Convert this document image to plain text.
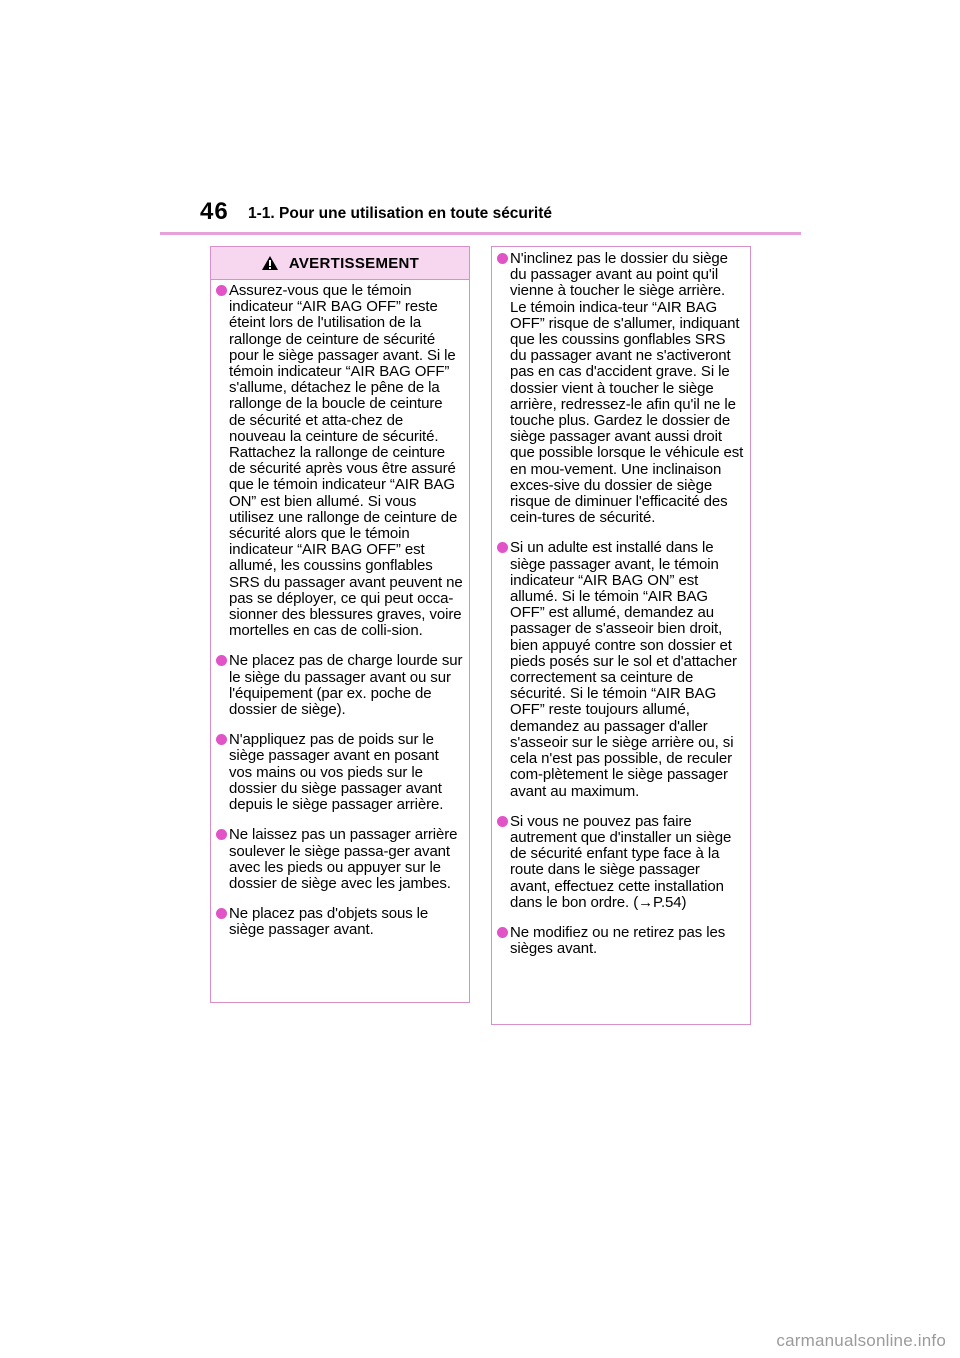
46 1-1. Pour une utilisation en toute sécurité
AVERTISSEMENT
Assurez-vous que le témoin indicateur “AIR BAG OFF” reste éteint lors de l'utilisation de la rallonge de ceinture de sécurité pour le siège passager avant. Si le témoin indicateur “AIR BAG OFF” s'allume, détachez le pêne de la rallonge de la boucle de ceinture de sécurité et atta-chez de nouveau la ceinture de sécurité. Rattachez la rallonge de ceinture de sécurité après vous être assuré que le témoin indicateur “AIR BAG ON” est bien allumé. Si vous utilisez une rallonge de ceinture de sécurité alors que le témoin indicateur “AIR BAG OFF” est allumé, les coussins gonflables SRS du passager avant peuvent ne pas se déployer, ce qui peut occa-sionner des blessures graves, voire mortelles en cas de colli-sion.
Ne placez pas de charge lourde sur le siège du passager avant ou sur l'équipement (par ex. poche de dossier de siège).
N'appliquez pas de poids sur le siège passager avant en posant vos mains ou vos pieds sur le dossier du siège passager avant depuis le siège passager arrière.
Ne laissez pas un passager arrière soulever le siège passa-ger avant avec les pieds ou appuyer sur le dossier de siège avec les jambes.
Ne placez pas d'objets sous le siège passager avant.
N'inclinez pas le dossier du siège du passager avant au point qu'il vienne à toucher le siège arrière. Le témoin indica-teur “AIR BAG OFF” risque de s'allumer, indiquant que les coussins gonflables SRS du passager avant ne s'activeront pas en cas d'accident grave. Si le dossier vient à toucher le siège arrière, redressez-le afin qu'il ne le touche plus. Gardez le dossier de siège passager avant aussi droit que possible lorsque le véhicule est en mou-vement. Une inclinaison exces-sive du dossier de siège risque de diminuer l'efficacité des cein-tures de sécurité.
Si un adulte est installé dans le siège passager avant, le témoin indicateur “AIR BAG ON” est allumé. Si le témoin “AIR BAG OFF” est allumé, demandez au passager de s'asseoir bien droit, bien appuyé contre son dossier et pieds posés sur le sol et d'attacher correctement sa ceinture de sécurité. Si le témoin “AIR BAG OFF” reste toujours allumé, demandez au passager d'aller s'asseoir sur le siège arrière ou, si cela n'est pas possible, de reculer com-plètement le siège passager avant au maximum.
Si vous ne pouvez pas faire autrement que d'installer un siège de sécurité enfant type face à la route dans le siège passager avant, effectuez cette installation dans le bon ordre. (→P.54)
Ne modifiez ou ne retirez pas les sièges avant.
carmanualsonline.info
